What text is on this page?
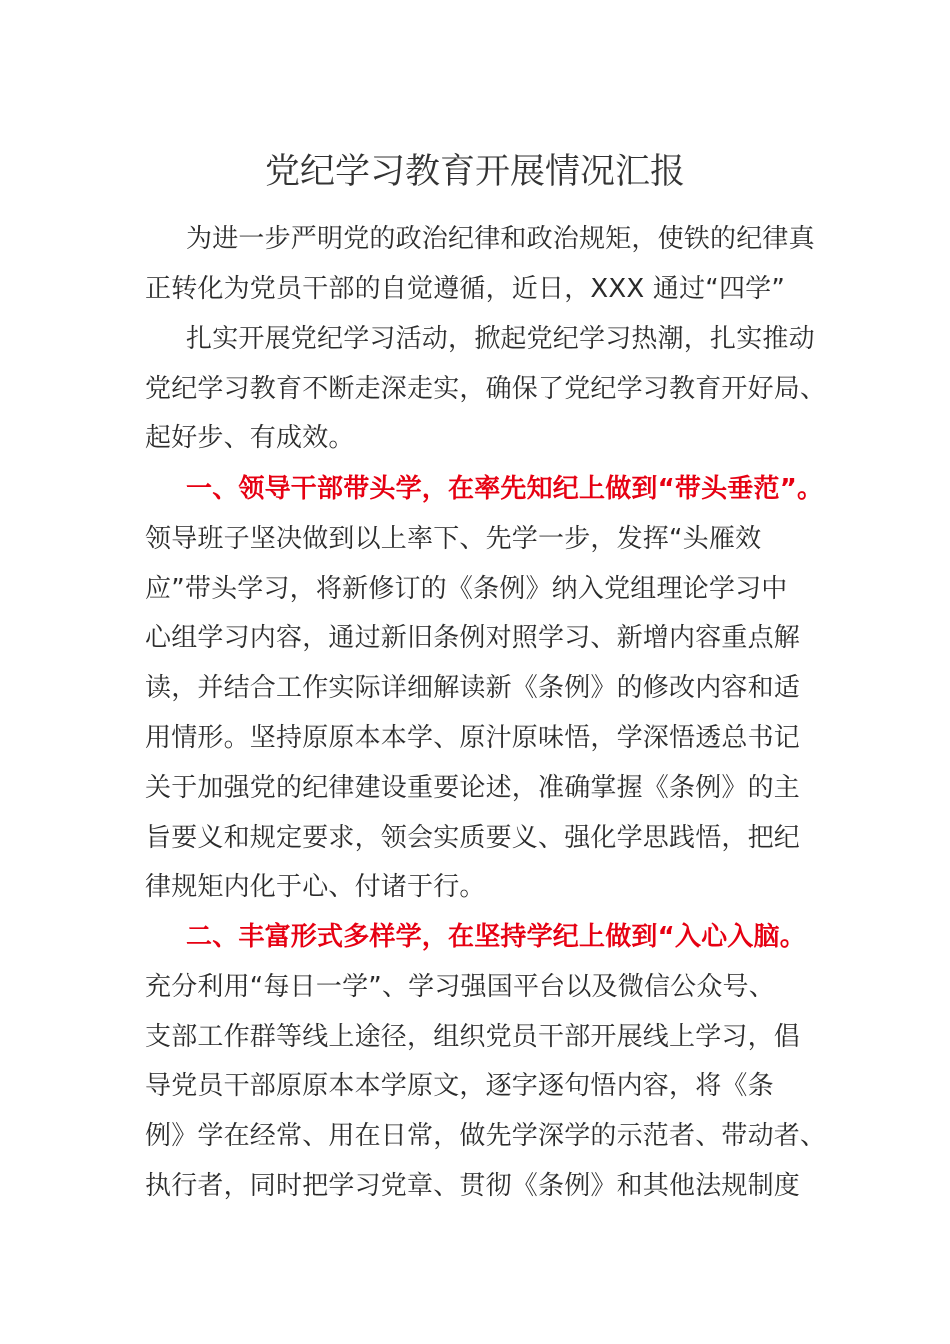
党纪学习教育开展情况汇报
为进一步严明党的政治纪律和政治规矩，使铁的纪律真
正转化为党员干部的自觉遵循，近日，XXX 通过“四学”
扎实开展党纪学习活动，掀起党纪学习热潮，扎实推动
党纪学习教育不断走深走实，确保了党纪学习教育开好局、
起好步、有成效。
一、领导干部带头学，在率先知纪上做到“带头垂范”。
领导班子坚决做到以上率下、先学一步，发挥“头雁效
应”带头学习，将新修订的《条例》纳入党组理论学习中
心组学习内容，通过新旧条例对照学习、新增内容重点解
读，并结合工作实际详细解读新《条例》的修改内容和适
用情形。坚持原原本本学、原汁原味悟，学深悟透总书记
关于加强党的纪律建设重要论述，准确掌握《条例》的主
旨要义和规定要求，领会实质要义、强化学思践悟，把纪
律规矩内化于心、付诸于行。
二、丰富形式多样学，在坚持学纪上做到“入心入脑。
充分利用“每日一学”、学习强国平台以及微信公众号、
支部工作群等线上途径，组织党员干部开展线上学习，倡
导党员干部原原本本学原文，逐字逐句悟内容，将《条
例》学在经常、用在日常，做先学深学的示范者、带动者、
执行者，同时把学习党章、贯彻《条例》和其他法规制度
